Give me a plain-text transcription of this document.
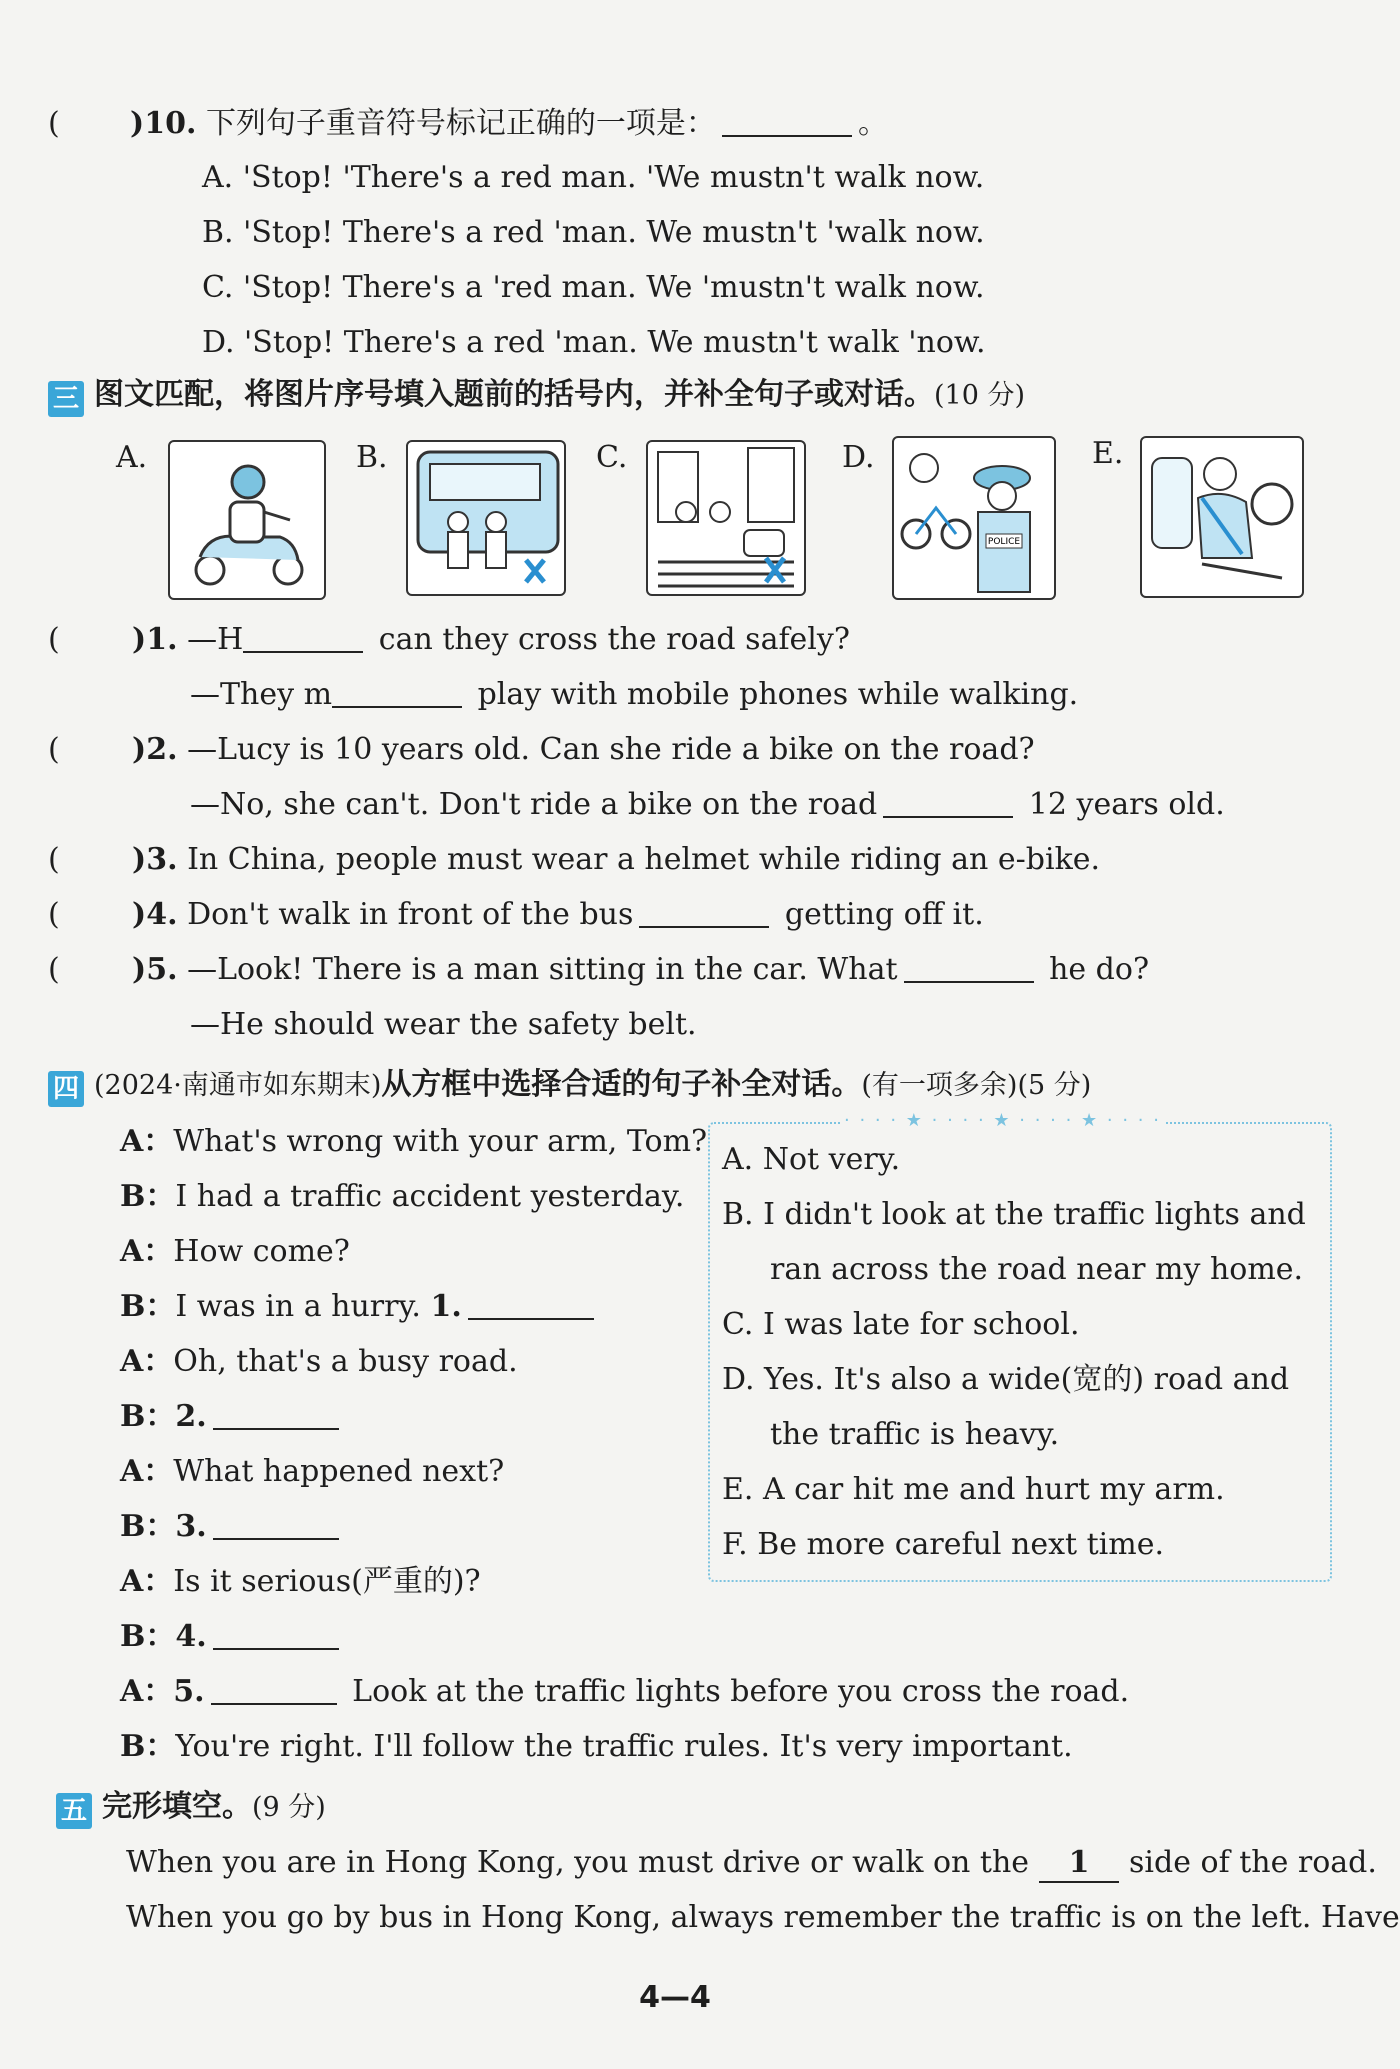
( )10. 下列句子重音符号标记正确的一项是：	。
A. 'Stop! 'There's a red man. 'We mustn't walk now.
B. 'Stop! There's a red 'man. We mustn't 'walk now.
C. 'Stop! There's a 'red man. We 'mustn't walk now.
D. 'Stop! There's a red 'man. We mustn't walk 'now.
三 图文匹配，将图片序号填入题前的括号内，并补全句子或对话。(10 分)
A.	B.	C.	D.
POLICE
E.
( )1. —H	can they cross the road safely?
—They m	play with mobile phones while walking.
( )2. —Lucy is 10 years old. Can she ride a bike on the road?
—No, she can't. Don't ride a bike on the road	12 years old.
( )3. In China, people must wear a helmet while riding an e-bike.
( )4. Don't walk in front of the bus	getting off it.
( )5. —Look! There is a man sitting in the car. What	he do?
—He should wear the safety belt.
四 (2024·南通市如东期末)从方框中选择合适的句子补全对话。(有一项多余)(5 分)
A：What's wrong with your arm, Tom?
B：I had a traffic accident yesterday.
A：How come?
B：I was in a hurry. 1.
A：Oh, that's a busy road.
B：2.
A：What happened next?
B：3.
A：Is it serious(严重的)?
B：4.
A：5.	Look at the traffic lights before you cross the road.
B：You're right. I'll follow the traffic rules. It's very important.
· · · · ★ · · · · ★ · · · · ★ · · · ·
A. Not very.
B. I didn't look at the traffic lights and
ran across the road near my home.
C. I was late for school.
D. Yes. It's also a wide(宽的) road and
the traffic is heavy.
E. A car hit me and hurt my arm.
F. Be more careful next time.
五 完形填空。(9 分)
When you are in Hong Kong, you must drive or walk on the 1 side of the road.
When you go by bus in Hong Kong, always remember the traffic is on the left. Have
4—4
